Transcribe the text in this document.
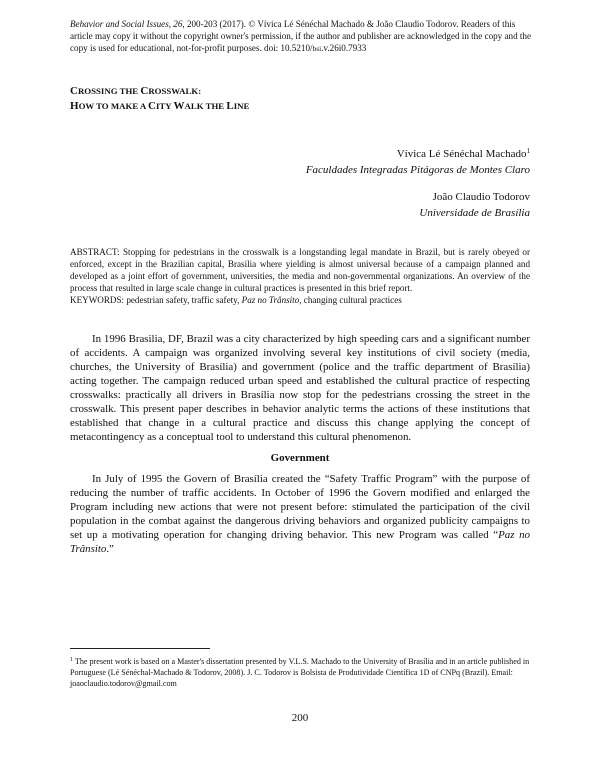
Behavior and Social Issues, 26, 200-203 (2017). © Vívica Lé Sénéchal Machado & João Claudio Todorov. Readers of this article may copy it without the copyright owner's permission, if the author and publisher are acknowledged in the copy and the copy is used for educational, not-for-profit purposes. doi: 10.5210/bsi.v.26i0.7933

CROSSING THE CROSSWALK:
HOW TO MAKE A CITY WALK THE LINE
Vívica Lé Sénéchal Machado$^1$
Faculdades Integradas Pitágoras de Montes Claro
João Claudio Todorov
Universidade de Brasília
ABSTRACT: Stopping for pedestrians in the crosswalk is a longstanding legal mandate in Brazil, but is rarely obeyed or enforced, except in the Brazilian capital, Brasilia where yielding is almost universal because of a campaign planned and developed as a joint effort of government, universities, the media and non-governmental organizations. An overview of the process that resulted in large scale change in cultural practices is presented in this brief report.
KEYWORDS: pedestrian safety, traffic safety, Paz no Trânsito, changing cultural practices

In 1996 Brasilia, DF, Brazil was a city characterized by high speeding cars and a significant number of accidents. A campaign was organized involving several key institutions of civil society (media, churches, the University of Brasília) and government (police and the traffic department of Brasília) acting together. The campaign reduced urban speed and established the cultural practice of respecting crosswalks: practically all drivers in Brasília now stop for the pedestrians crossing the street in the crosswalk. This present paper describes in behavior analytic terms the actions of these institutions that established that change in a cultural practice and discuss this change applying the concept of metacontingency as a conceptual tool to understand this cultural phenomenon.

Government

In July of 1995 the Govern of Brasília created the “Safety Traffic Program” with the purpose of reducing the number of traffic accidents. In October of 1996 the Govern modified and enlarged the Program including new actions that were not present before: stimulated the participation of the civil population in the combat against the dangerous driving behaviors and organized publicity campaigns to set up a motivating operation for changing driving behavior. This new Program was called “Paz no Trânsito.”

$^1$ The present work is based on a Master's dissertation presented by V.L.S. Machado to the University of Brasília and in an article published in Portuguese (Lé Sénéchal-Machado & Todorov, 2008). J. C. Todorov is Bolsista de Produtividade Científica 1D of CNPq (Brazil). Email: joaoclaudio.todorov@gmail.com

200
